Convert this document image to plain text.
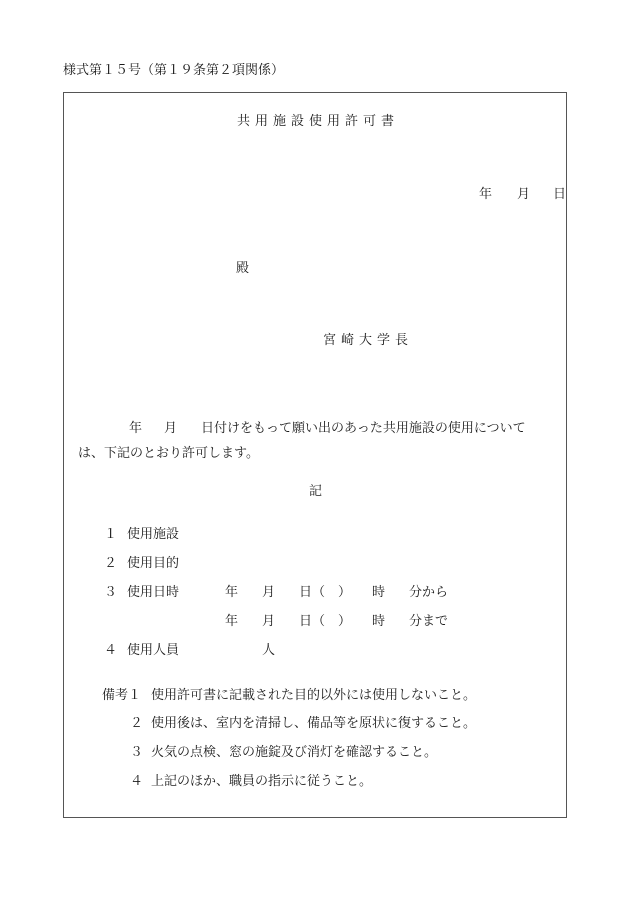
様式第１５号（第１９条第２項関係）
共用施設使用許可書
年 月 日
殿
宮崎大学長
年 月 日付けをもって願い出のあった共用施設の使用について
は、下記のとおり許可します。
記
１ 使用施設
２ 使用目的
３ 使用日時	年 月 日（　） 時 分から
年 月 日（　） 時 分まで
４ 使用人員	人
備考１ 使用許可書に記載された目的以外には使用しないこと。
２ 使用後は、室内を清掃し、備品等を原状に復すること。
３ 火気の点検、窓の施錠及び消灯を確認すること。
４ 上記のほか、職員の指示に従うこと。
